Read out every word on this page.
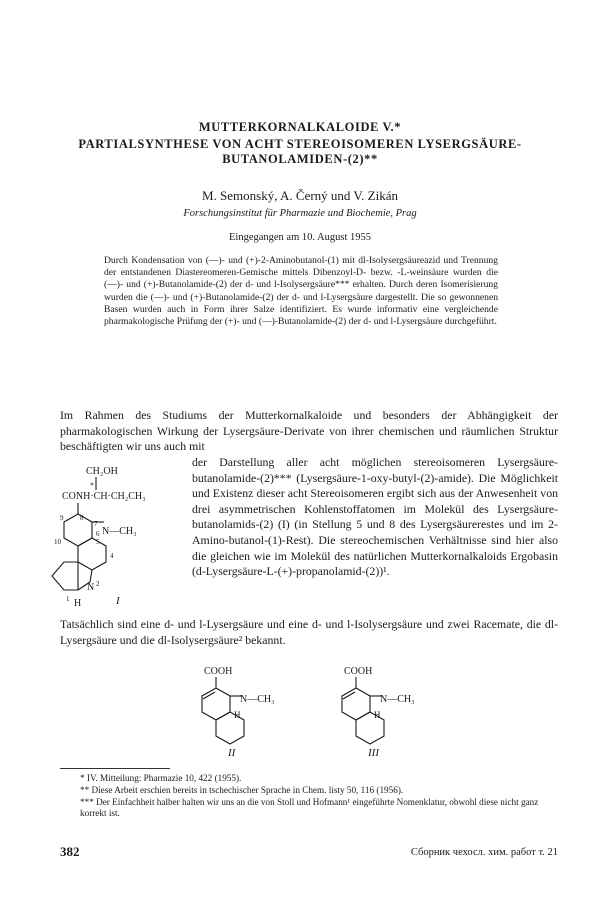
MUTTERKORNALKALOIDE V.*
PARTIALSYNTHESE VON ACHT STEREOISOMEREN LYSERGSÄURE-BUTANOLAMIDEN-(2)**
M. Semonský, A. Černý und V. Zikán
Forschungsinstitut für Pharmazie und Biochemie, Prag
Eingegangen am 10. August 1955

Durch Kondensation von (—)- und (+)-2-Aminobutanol-(1) mit dl-Isolysergsäureazid und Trennung der entstandenen Diastereomeren-Gemische mittels Dibenzoyl-D- bezw. -L-weinsäure wurden die (—)- und (+)-Butanolamide-(2) der d- und l-Isolysergsäure*** erhalten. Durch deren Isomerisierung wurden die (—)- und (+)-Butanolamide-(2) der d- und l-Lysergsäure dargestellt. Die so gewonnenen Basen wurden auch in Form ihrer Salze identifiziert. Es wurde informativ eine vergleichende pharmakologische Prüfung der (+)- und (—)-Butanolamide-(2) der d- und l-Lysergsäure durchgeführt.

Im Rahmen des Studiums der Mutterkornalkaloide und besonders der Abhängigkeit der pharmakologischen Wirkung der Lysergsäure-Derivate von ihrer chemischen und räumlichen Struktur beschäftigten wir uns auch mit

CH₂OH
*
CONH·CH·CH₂CH₃
N—CH₃
N
H
1
2
4
5
7
6
8
9
10
I

der Darstellung aller acht möglichen stereoisomeren Lysergsäure-butanolamide-(2)*** (Lysergsäure-1-oxy-butyl-(2)-amide). Die Möglichkeit und Existenz dieser acht Stereoisomeren ergibt sich aus der Anwesenheit von drei asymmetrischen Kohlenstoffatomen im Molekül des Lysergsäure-butanolamids-(2) (I) (in Stellung 5 und 8 des Lysergsäurerestes und im 2-Amino-butanol-(1)-Rest). Die stereochemischen Verhältnisse sind hier also die gleichen wie im Molekül des natürlichen Mutterkornalkaloids Ergobasin (d-Lysergsäure-L-(+)-propanolamid-(2))¹.

Tatsächlich sind eine d- und l-Lysergsäure und eine d- und l-Isolysergsäure und zwei Racemate, die dl-Lysergsäure und die dl-Isolysergsäure² bekannt.

COOH
N—CH₃
H
II
COOH
N—CH₃
H
III

* IV. Mitteilung: Pharmazie 10, 422 (1955).

** Diese Arbeit erschien bereits in tschechischer Sprache in Chem. listy 50, 116 (1956).

*** Der Einfachheit halber halten wir uns an die von Stoll und Hofmann¹ eingeführte Nomenklatur, obwohl diese nicht ganz korrekt ist.

382	Сборник чехосл. хим. работ т. 21
